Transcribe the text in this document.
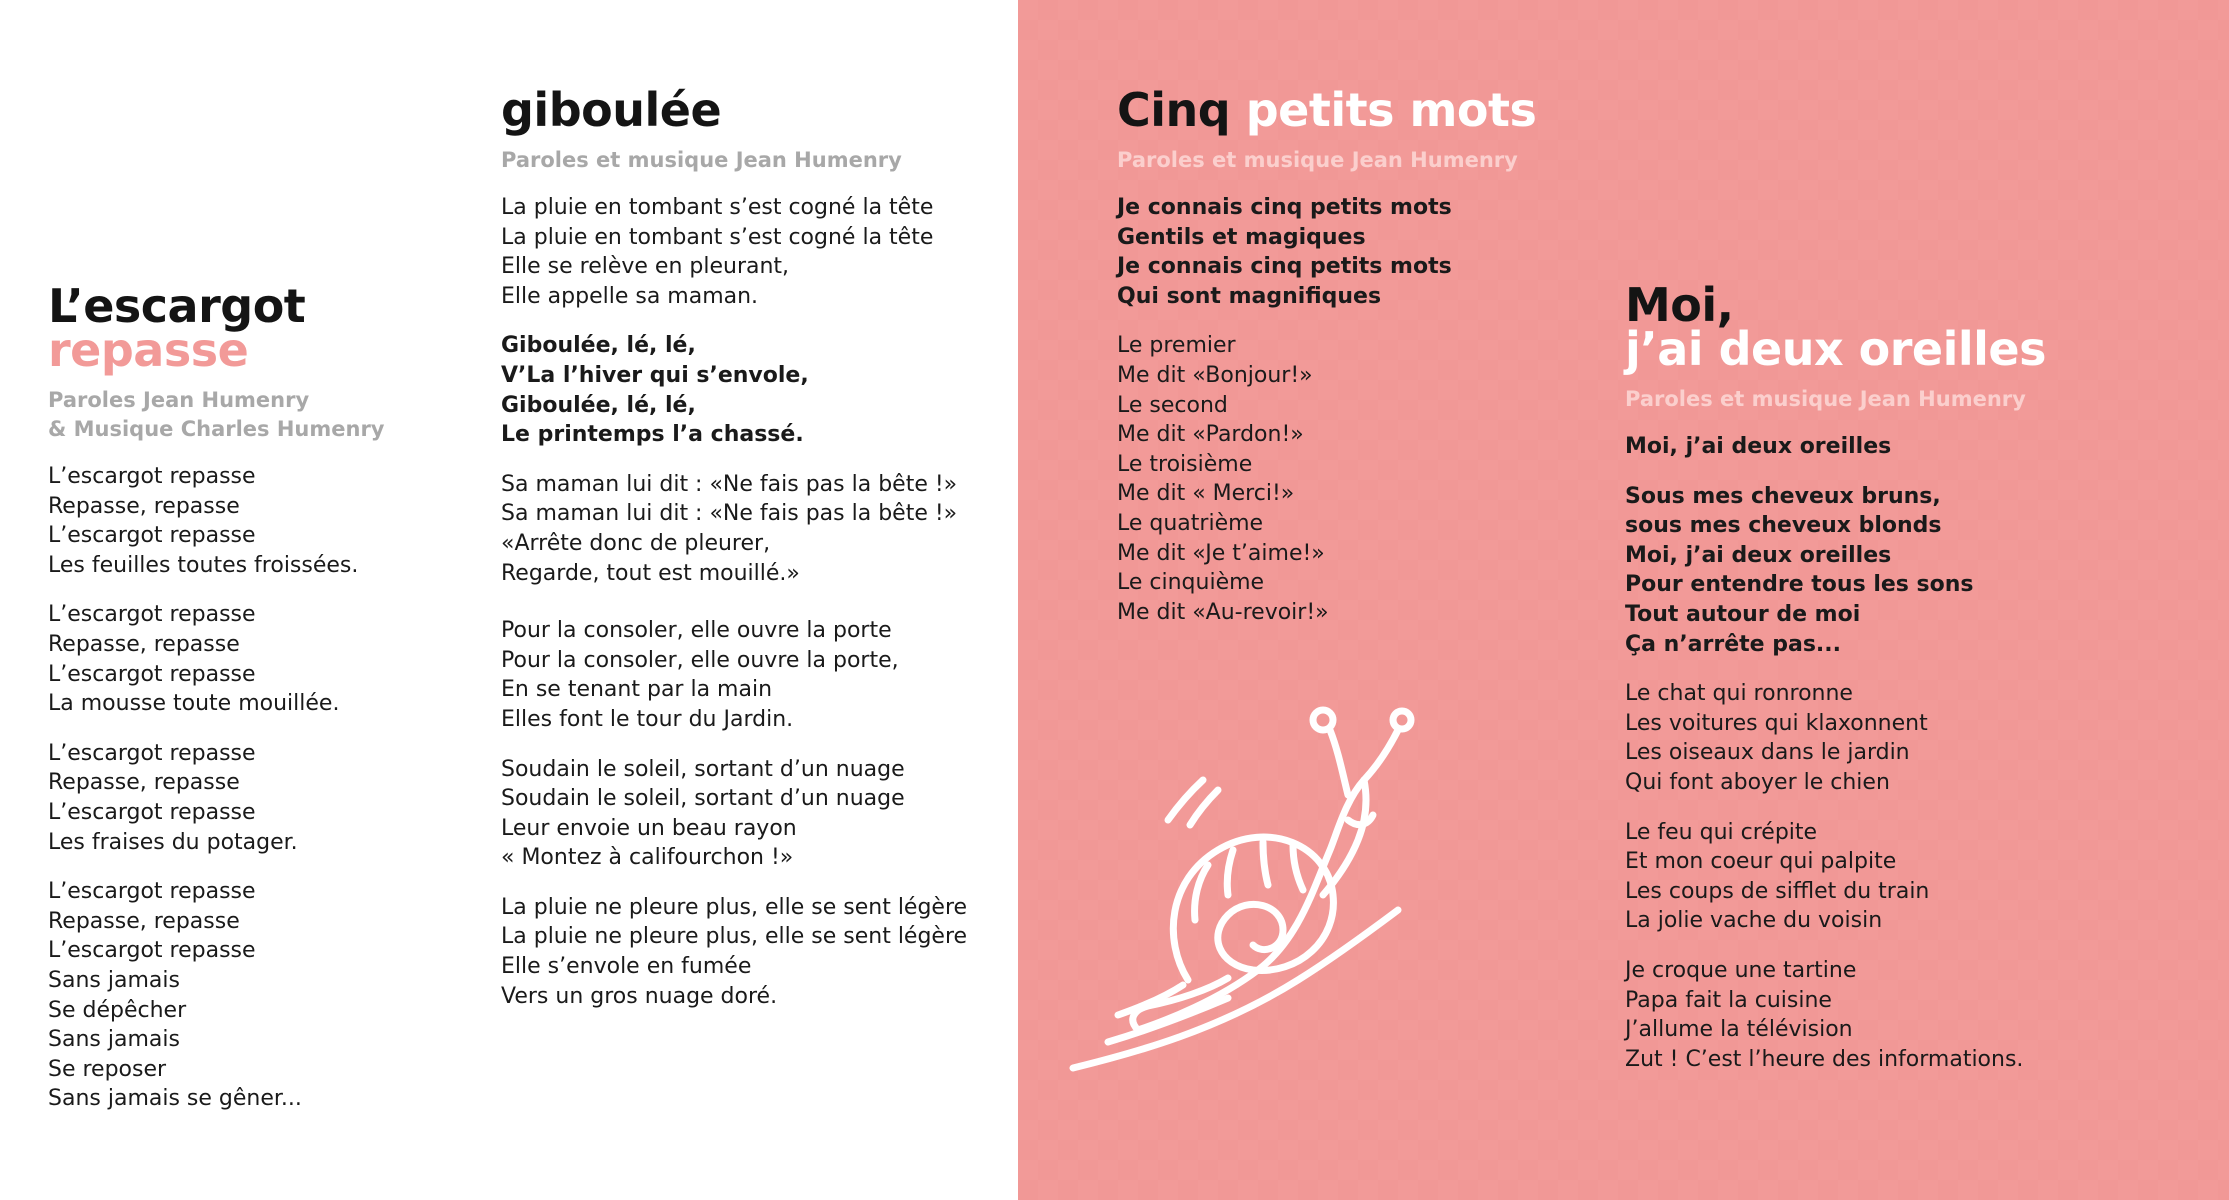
L’escargot
repasse
Paroles Jean Humenry
& Musique Charles Humenry
L’escargot repasse
Repasse, repasse
L’escargot repasse
Les feuilles toutes froissées.
L’escargot repasse
Repasse, repasse
L’escargot repasse
La mousse toute mouillée.
L’escargot repasse
Repasse, repasse
L’escargot repasse
Les fraises du potager.
L’escargot repasse
Repasse, repasse
L’escargot repasse
Sans jamais
Se dépêcher
Sans jamais
Se reposer
Sans jamais se gêner...
giboulée
Paroles et musique Jean Humenry
La pluie en tombant s’est cogné la tête
La pluie en tombant s’est cogné la tête
Elle se relève en pleurant,
Elle appelle sa maman.
Giboulée, lé, lé,
V’La l’hiver qui s’envole,
Giboulée, lé, lé,
Le printemps l’a chassé.
Sa maman lui dit : «Ne fais pas la bête !»
Sa maman lui dit : «Ne fais pas la bête !»
«Arrête donc de pleurer,
Regarde, tout est mouillé.»
Pour la consoler, elle ouvre la porte
Pour la consoler, elle ouvre la porte,
En se tenant par la main
Elles font le tour du Jardin.
Soudain le soleil, sortant d’un nuage
Soudain le soleil, sortant d’un nuage
Leur envoie un beau rayon
« Montez à califourchon !»
La pluie ne pleure plus, elle se sent légère
La pluie ne pleure plus, elle se sent légère
Elle s’envole en fumée
Vers un gros nuage doré.
Cinq petits mots
Paroles et musique Jean Humenry
Je connais cinq petits mots
Gentils et magiques
Je connais cinq petits mots
Qui sont magnifiques
Le premier
Me dit «Bonjour!»
Le second
Me dit «Pardon!»
Le troisième
Me dit « Merci!»
Le quatrième
Me dit «Je t’aime!»
Le cinquième
Me dit «Au-revoir!»
Moi,
j’ai deux oreilles
Paroles et musique Jean Humenry
Moi, j’ai deux oreilles
Sous mes cheveux bruns,
sous mes cheveux blonds
Moi, j’ai deux oreilles
Pour entendre tous les sons
Tout autour de moi
Ça n’arrête pas...
Le chat qui ronronne
Les voitures qui klaxonnent
Les oiseaux dans le jardin
Qui font aboyer le chien
Le feu qui crépite
Et mon coeur qui palpite
Les coups de sifflet du train
La jolie vache du voisin
Je croque une tartine
Papa fait la cuisine
J’allume la télévision
Zut ! C’est l’heure des informations.
